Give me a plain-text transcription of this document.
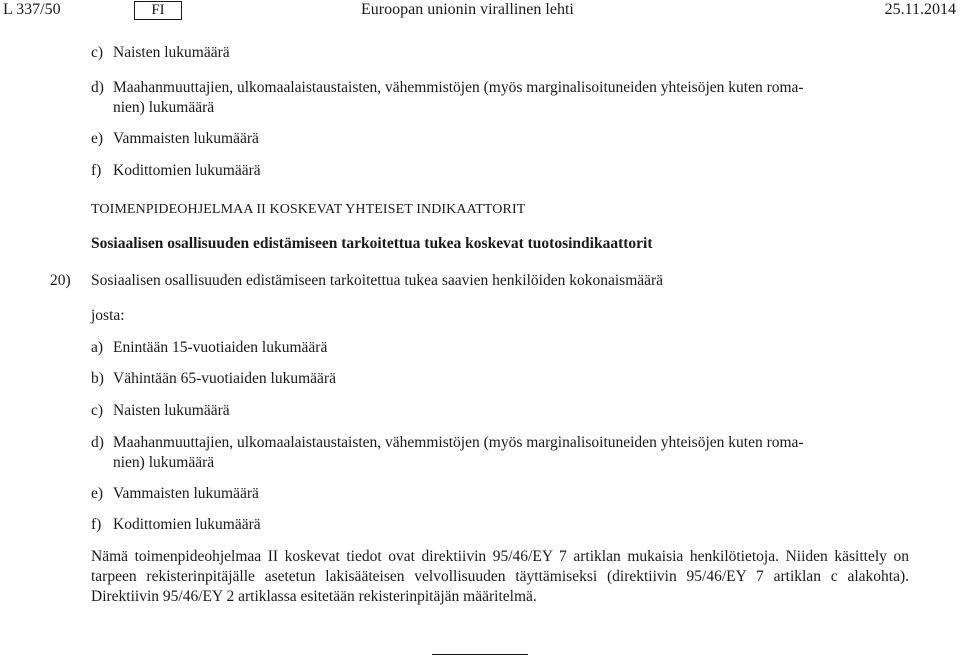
L 337/50	FI	Euroopan unionin virallinen lehti	25.11.2014
c) Naisten lukumäärä
d) Maahanmuuttajien, ulkomaalaistaustaisten, vähemmistöjen (myös marginalisoituneiden yhteisöjen kuten roma-
nien) lukumäärä
e) Vammaisten lukumäärä
f) Kodittomien lukumäärä
TOIMENPIDEOHJELMAA II KOSKEVAT YHTEISET INDIKAATTORIT
Sosiaalisen osallisuuden edistämiseen tarkoitettua tukea koskevat tuotosindikaattorit
20) Sosiaalisen osallisuuden edistämiseen tarkoitettua tukea saavien henkilöiden kokonaismäärä
josta:
a) Enintään 15-vuotiaiden lukumäärä
b) Vähintään 65-vuotiaiden lukumäärä
c) Naisten lukumäärä
d) Maahanmuuttajien, ulkomaalaistaustaisten, vähemmistöjen (myös marginalisoituneiden yhteisöjen kuten roma-
nien) lukumäärä
e) Vammaisten lukumäärä
f) Kodittomien lukumäärä
Nämä toimenpideohjelmaa II koskevat tiedot ovat direktiivin 95/46/EY 7 artiklan mukaisia henkilötietoja. Niiden käsittely on tarpeen rekisterinpitäjälle asetetun lakisääteisen velvollisuuden täyttämiseksi (direktiivin 95/46/EY 7 artiklan c alakohta). Direktiivin 95/46/EY 2 artiklassa esitetään rekisterinpitäjän määritelmä.
